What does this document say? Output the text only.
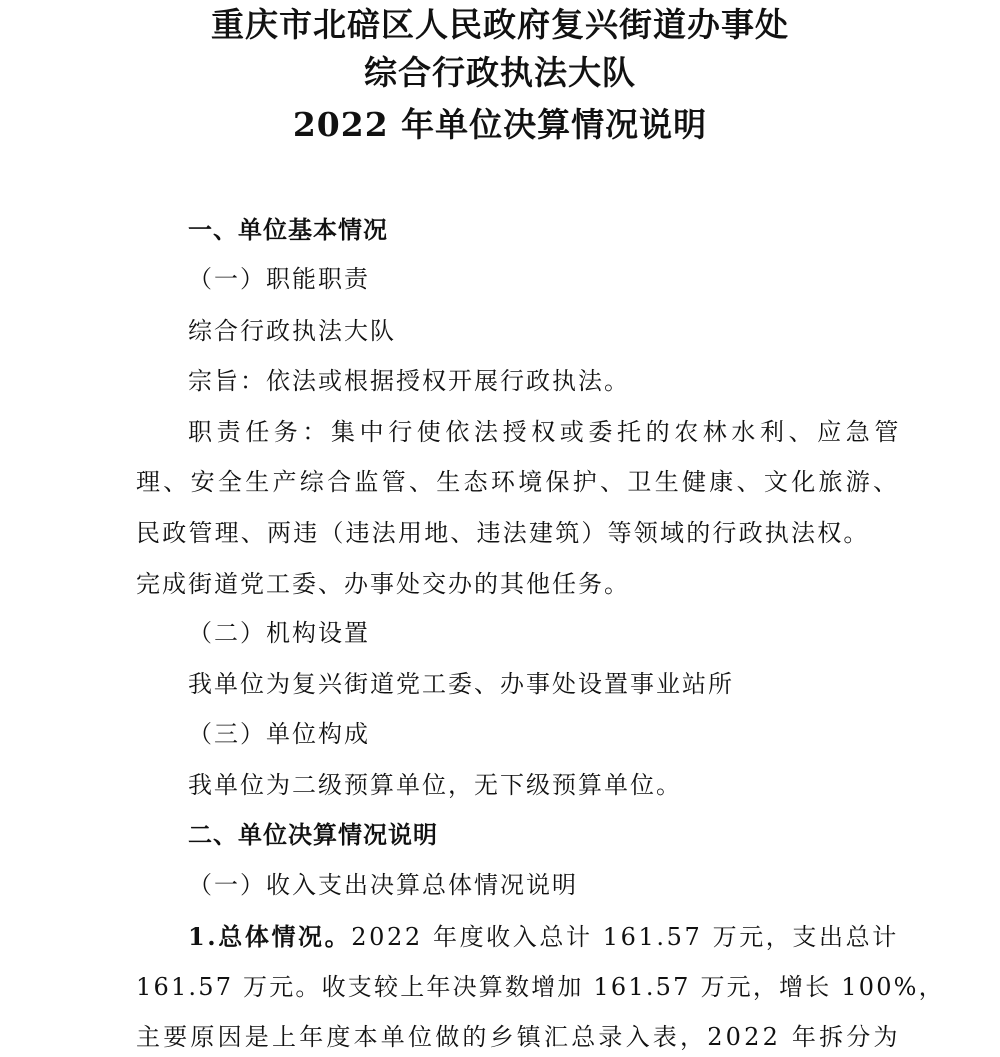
重庆市北碚区人民政府复兴街道办事处
综合行政执法大队
2022 年单位决算情况说明
一、单位基本情况
（一）职能职责
综合行政执法大队
宗旨：依法或根据授权开展行政执法。
职责任务：集中行使依法授权或委托的农林水利、应急管
理、安全生产综合监管、生态环境保护、卫生健康、文化旅游、
民政管理、两违（违法用地、违法建筑）等领域的行政执法权。
完成街道党工委、办事处交办的其他任务。
（二）机构设置
我单位为复兴街道党工委、办事处设置事业站所
（三）单位构成
我单位为二级预算单位，无下级预算单位。
二、单位决算情况说明
（一）收入支出决算总体情况说明
1.总体情况。2022 年度收入总计 161.57 万元，支出总计
161.57 万元。收支较上年决算数增加 161.57 万元，增长 100%，
主要原因是上年度本单位做的乡镇汇总录入表，2022 年拆分为
